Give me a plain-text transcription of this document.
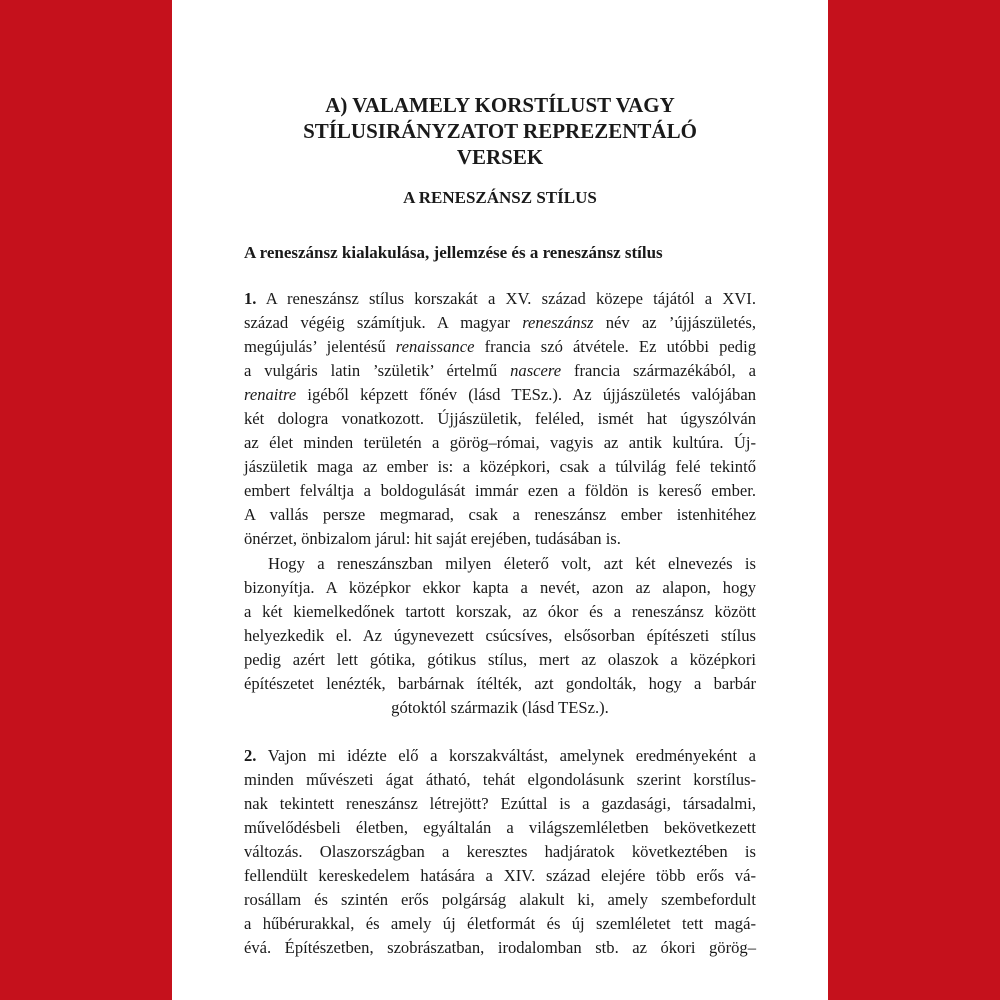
A) VALAMELY KORSTÍLUST VAGY
STÍLUSIRÁNYZATOT REPREZENTÁLÓ
VERSEK
A RENESZÁNSZ STÍLUS
A reneszánsz kialakulása, jellemzése és a reneszánsz stílus
1. A reneszánsz stílus korszakát a XV. század közepe tájától a XVI.
század végéig számítjuk. A magyar reneszánsz név az ’újjászületés,
megújulás’ jelentésű renaissance francia szó átvétele. Ez utóbbi pedig
a vulgáris latin ’születik’ értelmű nascere francia származékából, a
renaitre igéből képzett főnév (lásd TESz.). Az újjászületés valójában
két dologra vonatkozott. Újjászületik, feléled, ismét hat úgyszólván
az élet minden területén a görög–római, vagyis az antik kultúra. Új-
jászületik maga az ember is: a középkori, csak a túlvilág felé tekintő
embert felváltja a boldogulását immár ezen a földön is kereső ember.
A vallás persze megmarad, csak a reneszánsz ember istenhitéhez
önérzet, önbizalom járul: hit saját erejében, tudásában is.
Hogy a reneszánszban milyen életerő volt, azt két elnevezés is
bizonyítja. A középkor ekkor kapta a nevét, azon az alapon, hogy
a két kiemelkedőnek tartott korszak, az ókor és a reneszánsz között
helyezkedik el. Az úgynevezett csúcsíves, elsősorban építészeti stílus
pedig azért lett gótika, gótikus stílus, mert az olaszok a középkori
építészetet lenézték, barbárnak ítélték, azt gondolták, hogy a barbár
gótoktól származik (lásd TESz.).
2. Vajon mi idézte elő a korszakváltást, amelynek eredményeként a
minden művészeti ágat átható, tehát elgondolásunk szerint korstílus-
nak tekintett reneszánsz létrejött? Ezúttal is a gazdasági, társadalmi,
művelődésbeli életben, egyáltalán a világszemléletben bekövetkezett
változás. Olaszországban a keresztes hadjáratok következtében is
fellendült kereskedelem hatására a XIV. század elejére több erős vá-
rosállam és szintén erős polgárság alakult ki, amely szembefordult
a hűbérurakkal, és amely új életformát és új szemléletet tett magá-
évá. Építészetben, szobrászatban, irodalomban stb. az ókori görög–
